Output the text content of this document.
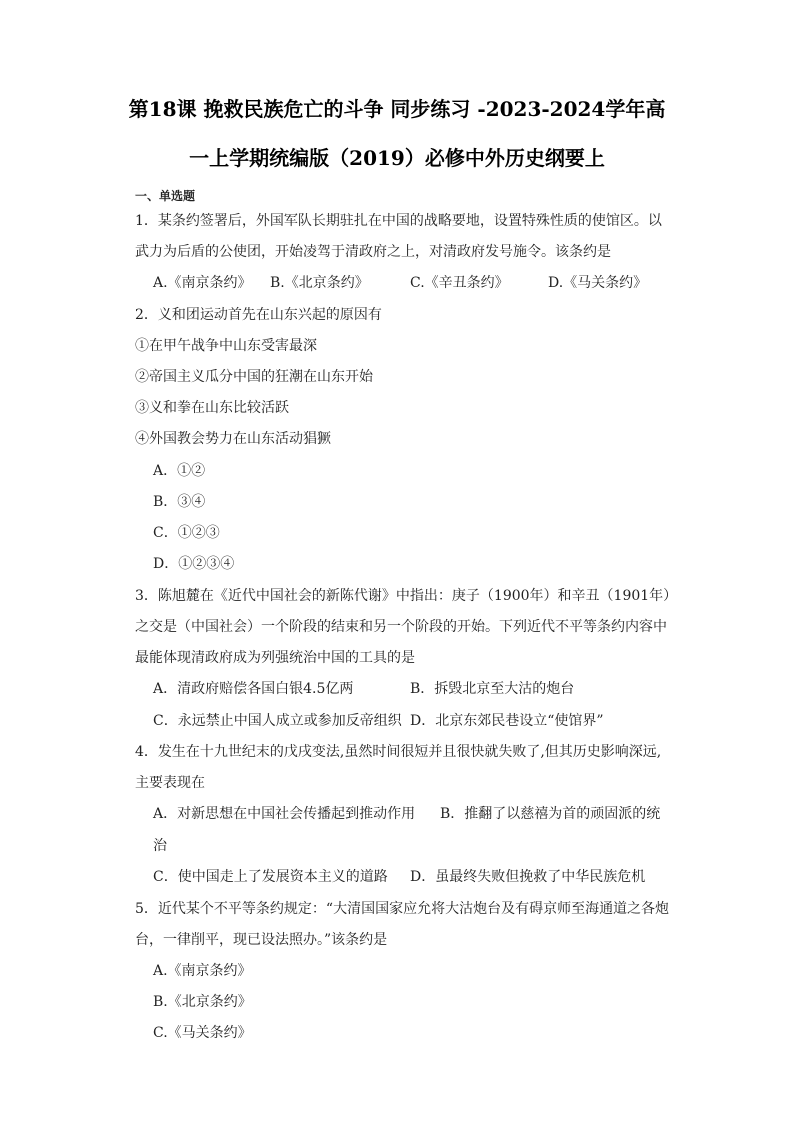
第18课 挽救民族危亡的斗争 同步练习 -2023-2024学年高
一上学期统编版（2019）必修中外历史纲要上
一、单选题
1．某条约签署后，外国军队长期驻扎在中国的战略要地，设置特殊性质的使馆区。以
武力为后盾的公使团，开始凌驾于清政府之上，对清政府发号施令。该条约是
A.《南京条约》 B.《北京条约》	C.《辛丑条约》	D.《马关条约》
2．义和团运动首先在山东兴起的原因有
①在甲午战争中山东受害最深
②帝国主义瓜分中国的狂潮在山东开始
③义和拳在山东比较活跃
④外国教会势力在山东活动猖獗
A．①②
B．③④
C．①②③
D．①②③④
3．陈旭麓在《近代中国社会的新陈代谢》中指出：庚子（1900年）和辛丑（1901年）
之交是（中国社会）一个阶段的结束和另一个阶段的开始。下列近代不平等条约内容中
最能体现清政府成为列强统治中国的工具的是
A．清政府赔偿各国白银4.5亿两	B．拆毁北京至大沽的炮台
C．永远禁止中国人成立或参加反帝组织 D．北京东郊民巷设立“使馆界”
4．发生在十九世纪末的戊戌变法,虽然时间很短并且很快就失败了,但其历史影响深远,
主要表现在
A．对新思想在中国社会传播起到推动作用 B．推翻了以慈禧为首的顽固派的统
治
C．使中国走上了发展资本主义的道路 D．虽最终失败但挽救了中华民族危机
5．近代某个不平等条约规定：“大清国国家应允将大沽炮台及有碍京师至海通道之各炮
台，一律削平，现已设法照办。”该条约是
A.《南京条约》
B.《北京条约》
C.《马关条约》
